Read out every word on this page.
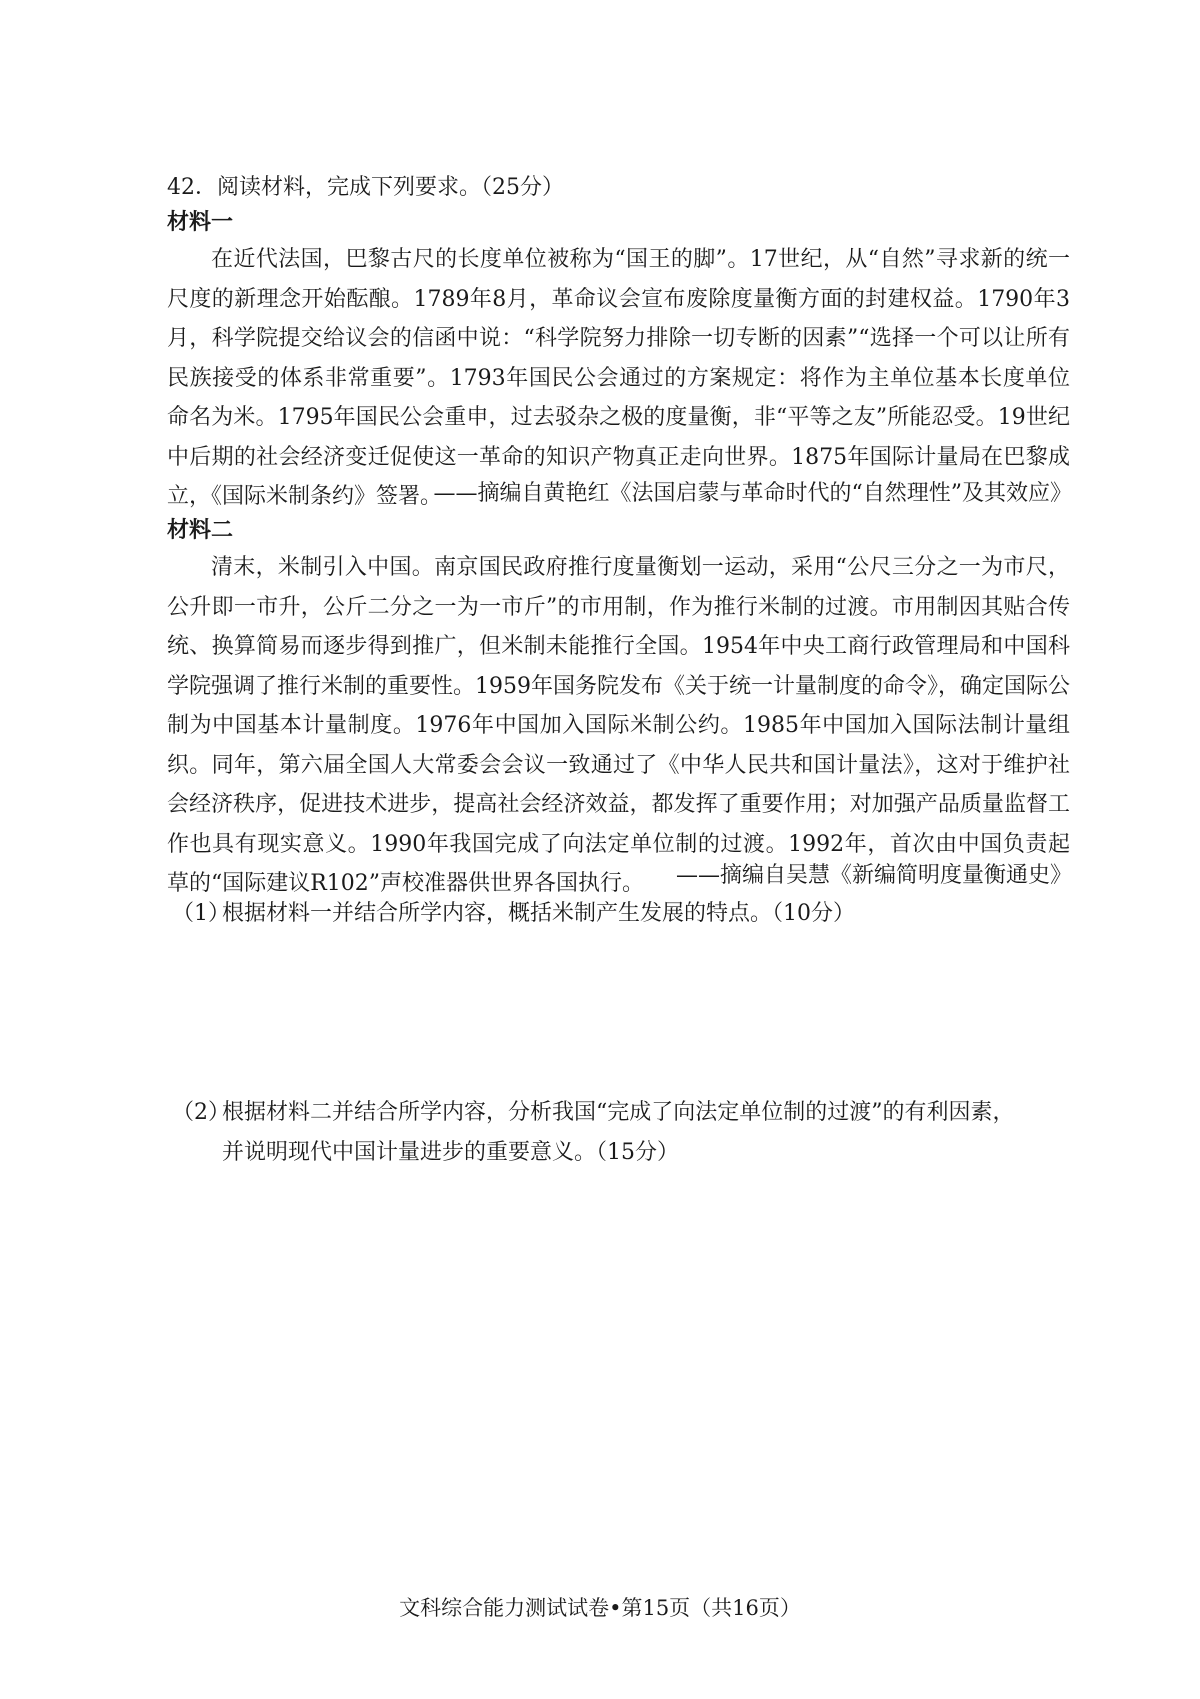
42．阅读材料，完成下列要求。（25分）
材料一

在近代法国，巴黎古尺的长度单位被称为“国王的脚”。17世纪，从“自然”寻求新的统一尺度的新理念开始酝酿。1789年8月，革命议会宣布废除度量衡方面的封建权益。1790年3月，科学院提交给议会的信函中说：“科学院努力排除一切专断的因素”“选择一个可以让所有民族接受的体系非常重要”。1793年国民公会通过的方案规定：将作为主单位基本长度单位命名为米。1795年国民公会重申，过去驳杂之极的度量衡，非“平等之友”所能忍受。19世纪中后期的社会经济变迁促使这一革命的知识产物真正走向世界。1875年国际计量局在巴黎成立，《国际米制条约》签署。

——摘编自黄艳红《法国启蒙与革命时代的“自然理性”及其效应》
材料二

清末，米制引入中国。南京国民政府推行度量衡划一运动，采用“公尺三分之一为市尺，公升即一市升，公斤二分之一为一市斤”的市用制，作为推行米制的过渡。市用制因其贴合传统、换算简易而逐步得到推广，但米制未能推行全国。1954年中央工商行政管理局和中国科学院强调了推行米制的重要性。1959年国务院发布《关于统一计量制度的命令》，确定国际公制为中国基本计量制度。1976年中国加入国际米制公约。1985年中国加入国际法制计量组织。同年，第六届全国人大常委会会议一致通过了《中华人民共和国计量法》，这对于维护社会经济秩序，促进技术进步，提高社会经济效益，都发挥了重要作用；对加强产品质量监督工作也具有现实意义。1990年我国完成了向法定单位制的过渡。1992年，首次由中国负责起草的“国际建议R102”声校准器供世界各国执行。	——摘编自吴慧《新编简明度量衡通史》
（1）根据材料一并结合所学内容，概括米制产生发展的特点。（10分）
（2）根据材料二并结合所学内容，分析我国“完成了向法定单位制的过渡”的有利因素，
并说明现代中国计量进步的重要意义。（15分）
文科综合能力测试试卷•第15页（共16页）
